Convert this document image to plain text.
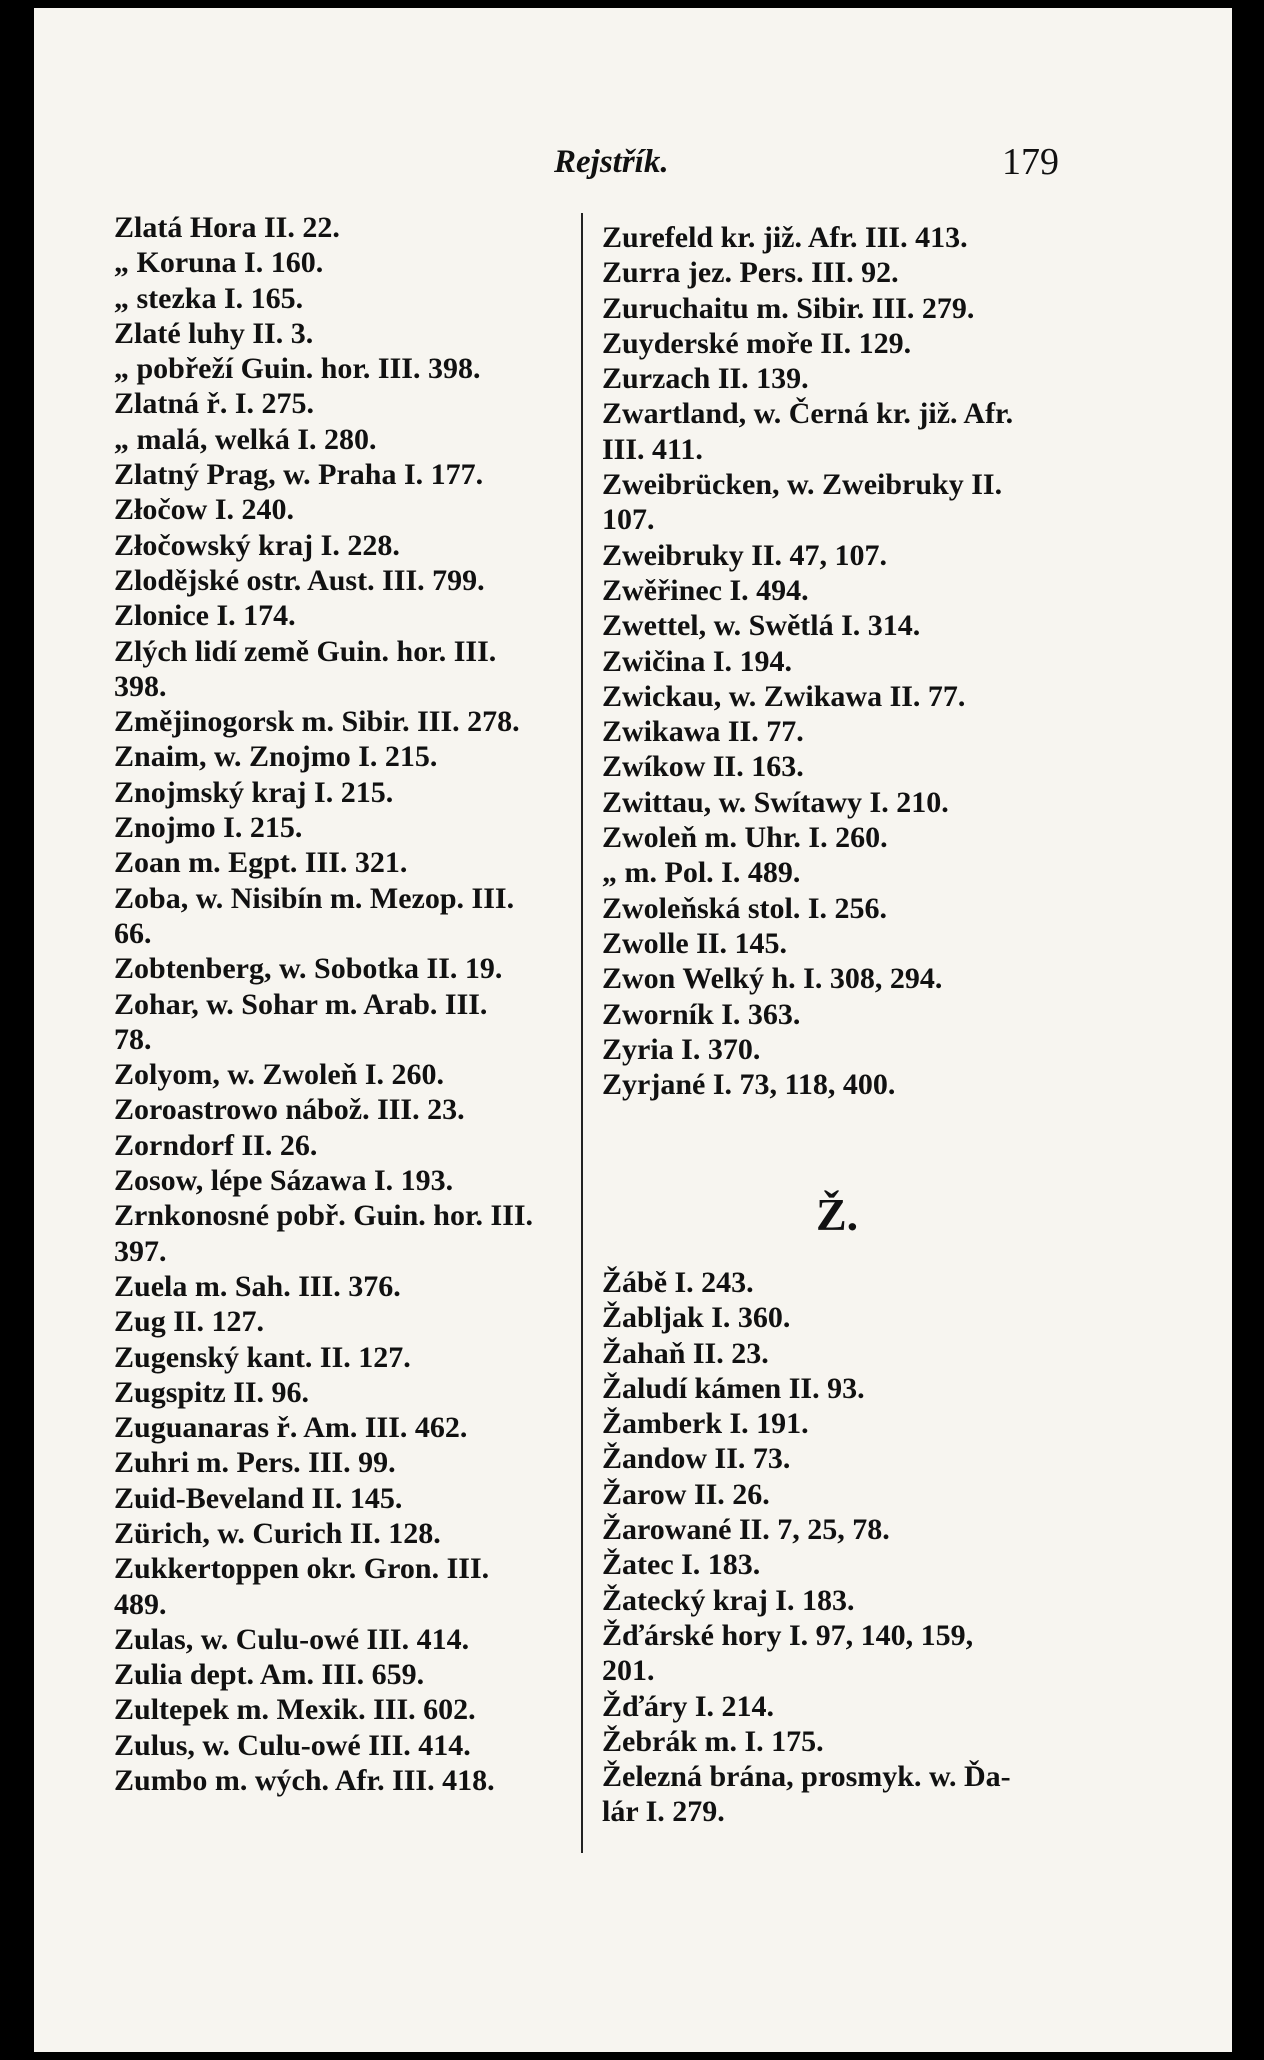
Rejstřík.	179
Zlatá Hora II. 22.
„ Koruna I. 160.
„ stezka I. 165.
Zlaté luhy II. 3.
„ pobřeží Guin. hor. III. 398.
Zlatná ř. I. 275.
„ malá, welká I. 280.
Zlatný Prag, w. Praha I. 177.
Złočow I. 240.
Złočowský kraj I. 228.
Zlodějské ostr. Aust. III. 799.
Zlonice I. 174.
Zlých lidí země Guin. hor. III.
398.
Změjinogorsk m. Sibir. III. 278.
Znaim, w. Znojmo I. 215.
Znojmský kraj I. 215.
Znojmo I. 215.
Zoan m. Egpt. III. 321.
Zoba, w. Nisibín m. Mezop. III.
66.
Zobtenberg, w. Sobotka II. 19.
Zohar, w. Sohar m. Arab. III.
78.
Zolyom, w. Zwoleň I. 260.
Zoroastrowo nábož. III. 23.
Zorndorf II. 26.
Zosow, lépe Sázawa I. 193.
Zrnkonosné pobř. Guin. hor. III.
397.
Zuela m. Sah. III. 376.
Zug II. 127.
Zugenský kant. II. 127.
Zugspitz II. 96.
Zuguanaras ř. Am. III. 462.
Zuhri m. Pers. III. 99.
Zuid-Beveland II. 145.
Zürich, w. Curich II. 128.
Zukkertoppen okr. Gron. III.
489.
Zulas, w. Culu-owé III. 414.
Zulia dept. Am. III. 659.
Zultepek m. Mexik. III. 602.
Zulus, w. Culu-owé III. 414.
Zumbo m. wých. Afr. III. 418.
Zurefeld kr. již. Afr. III. 413.
Zurra jez. Pers. III. 92.
Zuruchaitu m. Sibir. III. 279.
Zuyderské moře II. 129.
Zurzach II. 139.
Zwartland, w. Černá kr. již. Afr.
III. 411.
Zweibrücken, w. Zweibruky II.
107.
Zweibruky II. 47, 107.
Zwěřinec I. 494.
Zwettel, w. Swětlá I. 314.
Zwičina I. 194.
Zwickau, w. Zwikawa II. 77.
Zwikawa II. 77.
Zwíkow II. 163.
Zwittau, w. Swítawy I. 210.
Zwoleň m. Uhr. I. 260.
„ m. Pol. I. 489.
Zwoleňská stol. I. 256.
Zwolle II. 145.
Zwon Welký h. I. 308, 294.
Zworník I. 363.
Zyria I. 370.
Zyrjané I. 73, 118, 400.
Ž.
Žábě I. 243.
Žabljak I. 360.
Žahaň II. 23.
Žaludí kámen II. 93.
Žamberk I. 191.
Žandow II. 73.
Žarow II. 26.
Žarowané II. 7, 25, 78.
Žatec I. 183.
Žatecký kraj I. 183.
Žďárské hory I. 97, 140, 159,
201.
Žďáry I. 214.
Žebrák m. I. 175.
Železná brána, prosmyk. w. Ďa-
lár I. 279.
